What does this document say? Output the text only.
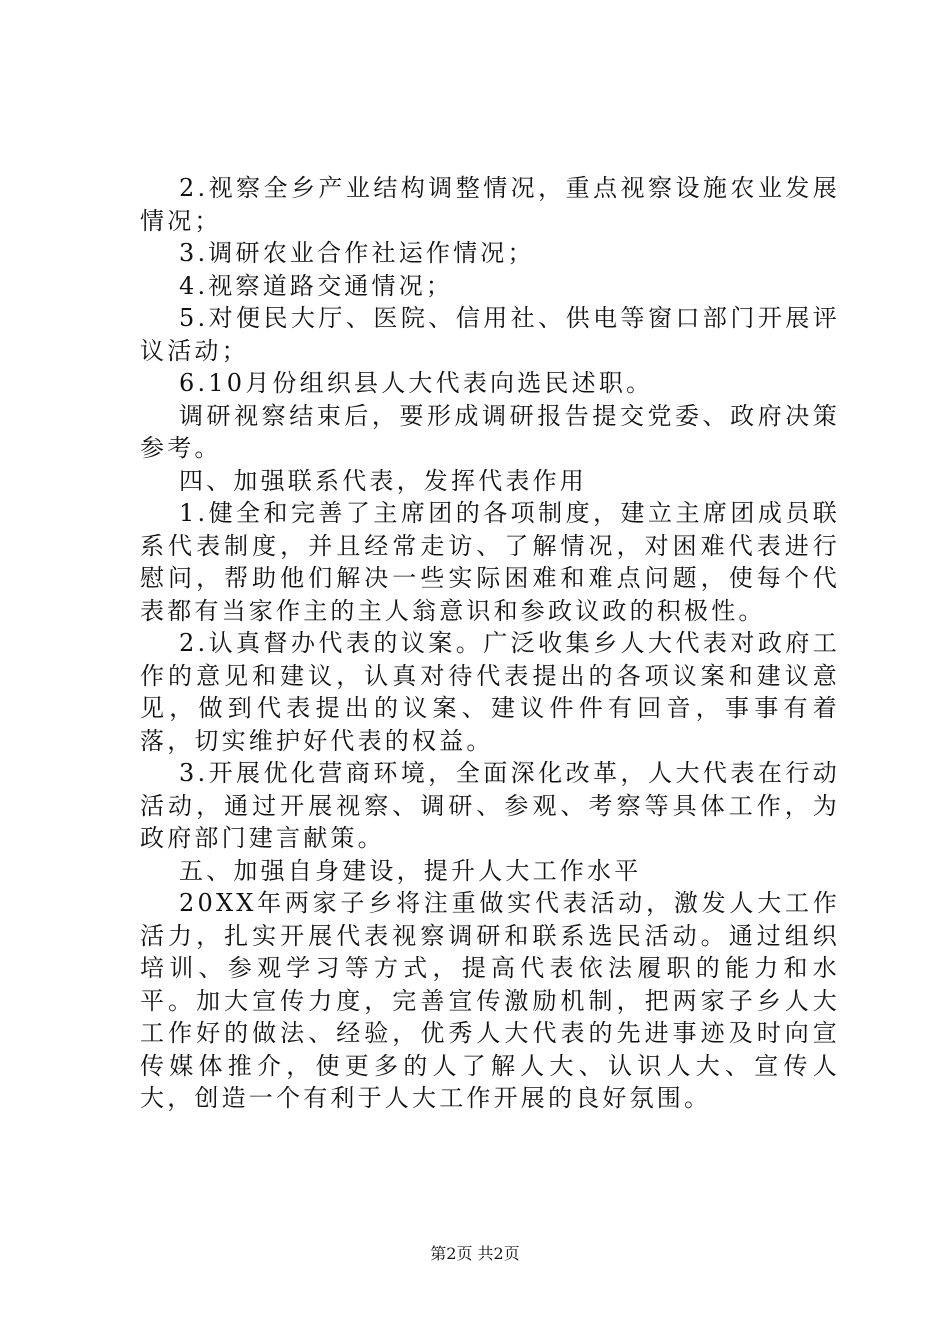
2.视察全乡产业结构调整情况，重点视察设施农业发展情况；

3.调研农业合作社运作情况；

4.视察道路交通情况；

5.对便民大厅、医院、信用社、供电等窗口部门开展评议活动；

6.10月份组织县人大代表向选民述职。

调研视察结束后，要形成调研报告提交党委、政府决策参考。

四、加强联系代表，发挥代表作用

1.健全和完善了主席团的各项制度，建立主席团成员联系代表制度，并且经常走访、了解情况，对困难代表进行慰问，帮助他们解决一些实际困难和难点问题，使每个代表都有当家作主的主人翁意识和参政议政的积极性。

2.认真督办代表的议案。广泛收集乡人大代表对政府工作的意见和建议，认真对待代表提出的各项议案和建议意见，做到代表提出的议案、建议件件有回音，事事有着落，切实维护好代表的权益。

3.开展优化营商环境，全面深化改革，人大代表在行动活动，通过开展视察、调研、参观、考察等具体工作，为政府部门建言献策。

五、加强自身建设，提升人大工作水平

20XX年两家子乡将注重做实代表活动，激发人大工作活力，扎实开展代表视察调研和联系选民活动。通过组织培训、参观学习等方式，提高代表依法履职的能力和水平。加大宣传力度，完善宣传激励机制，把两家子乡人大工作好的做法、经验，优秀人大代表的先进事迹及时向宣传媒体推介，使更多的人了解人大、认识人大、宣传人大，创造一个有利于人大工作开展的良好氛围。

第2页 共2页
